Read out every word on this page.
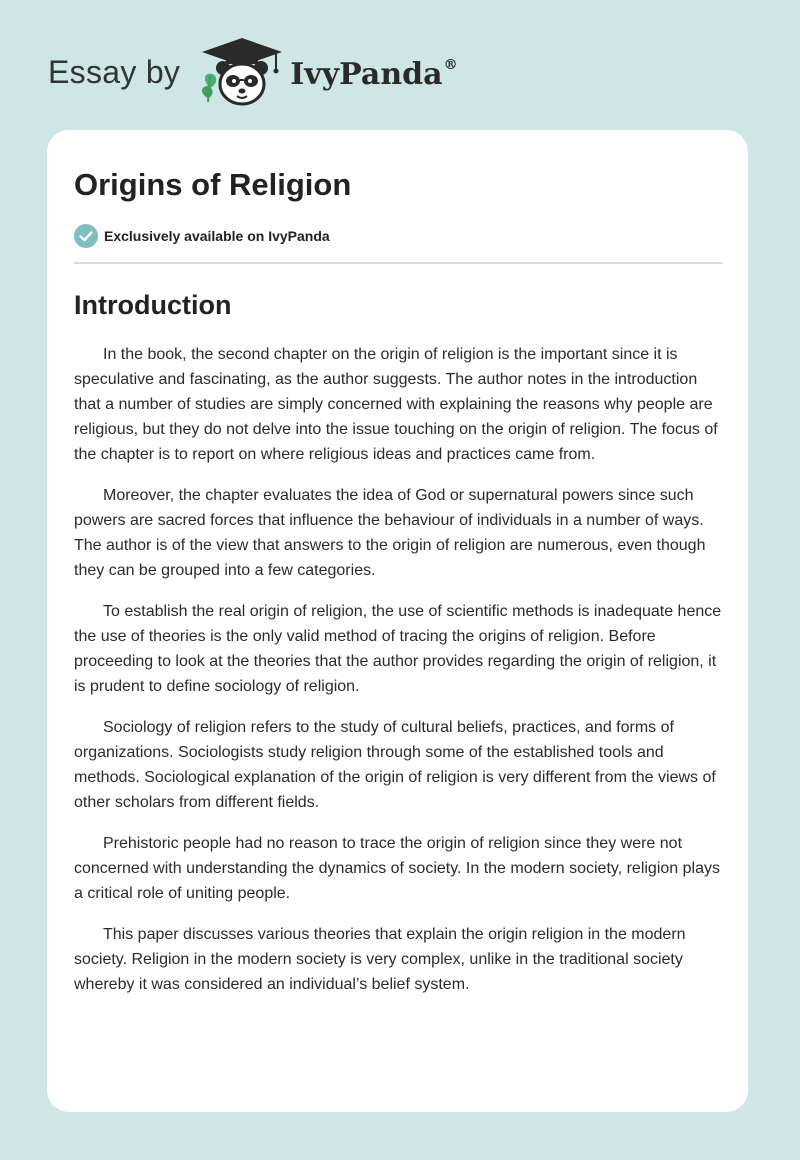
Essay by	IvyPanda®
Origins of Religion
Exclusively available on IvyPanda
Introduction

In the book, the second chapter on the origin of religion is the important since it is speculative and fascinating, as the author suggests. The author notes in the introduction that a number of studies are simply concerned with explaining the reasons why people are religious, but they do not delve into the issue touching on the origin of religion. The focus of the chapter is to report on where religious ideas and practices came from.

Moreover, the chapter evaluates the idea of God or supernatural powers since such powers are sacred forces that influence the behaviour of individuals in a number of ways. The author is of the view that answers to the origin of religion are numerous, even though they can be grouped into a few categories.

To establish the real origin of religion, the use of scientific methods is inadequate hence the use of theories is the only valid method of tracing the origins of religion. Before proceeding to look at the theories that the author provides regarding the origin of religion, it is prudent to define sociology of religion.

Sociology of religion refers to the study of cultural beliefs, practices, and forms of organizations. Sociologists study religion through some of the established tools and methods. Sociological explanation of the origin of religion is very different from the views of other scholars from different fields.

Prehistoric people had no reason to trace the origin of religion since they were not concerned with understanding the dynamics of society. In the modern society, religion plays a critical role of uniting people.

This paper discusses various theories that explain the origin religion in the modern society. Religion in the modern society is very complex, unlike in the traditional society whereby it was considered an individual’s belief system.
